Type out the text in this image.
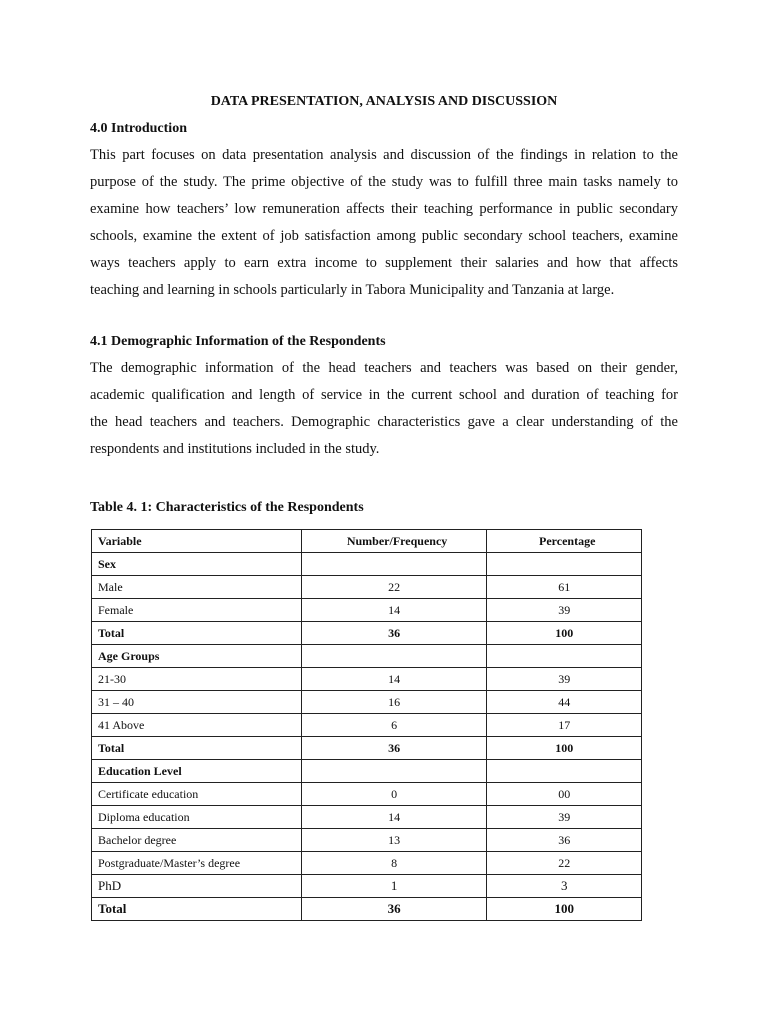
DATA PRESENTATION, ANALYSIS AND DISCUSSION
4.0 Introduction
This part focuses on data presentation analysis and discussion of the findings in relation to the
purpose of the study. The prime objective of the study was to fulfill three main tasks namely to
examine how teachers’ low remuneration affects their teaching performance in public secondary
schools, examine the extent of job satisfaction among public secondary school teachers, examine
ways teachers apply to earn extra income to supplement their salaries and how that affects
teaching and learning in schools particularly in Tabora Municipality and Tanzania at large.
4.1 Demographic Information of the Respondents
The demographic information of the head teachers and teachers was based on their gender,
academic qualification and length of service in the current school and duration of teaching for
the head teachers and teachers. Demographic characteristics gave a clear understanding of the
respondents and institutions included in the study.
Table 4. 1: Characteristics of the Respondents
Variable	Number/Frequency	Percentage
Sex		
Male	22	61
Female	14	39
Total	36	100
Age Groups		
21-30	14	39
31 – 40	16	44
41 Above	6	17
Total	36	100
Education Level		
Certificate education	0	00
Diploma education	14	39
Bachelor degree	13	36
Postgraduate/Master’s degree	8	22
PhD	1	3
Total	36	100
